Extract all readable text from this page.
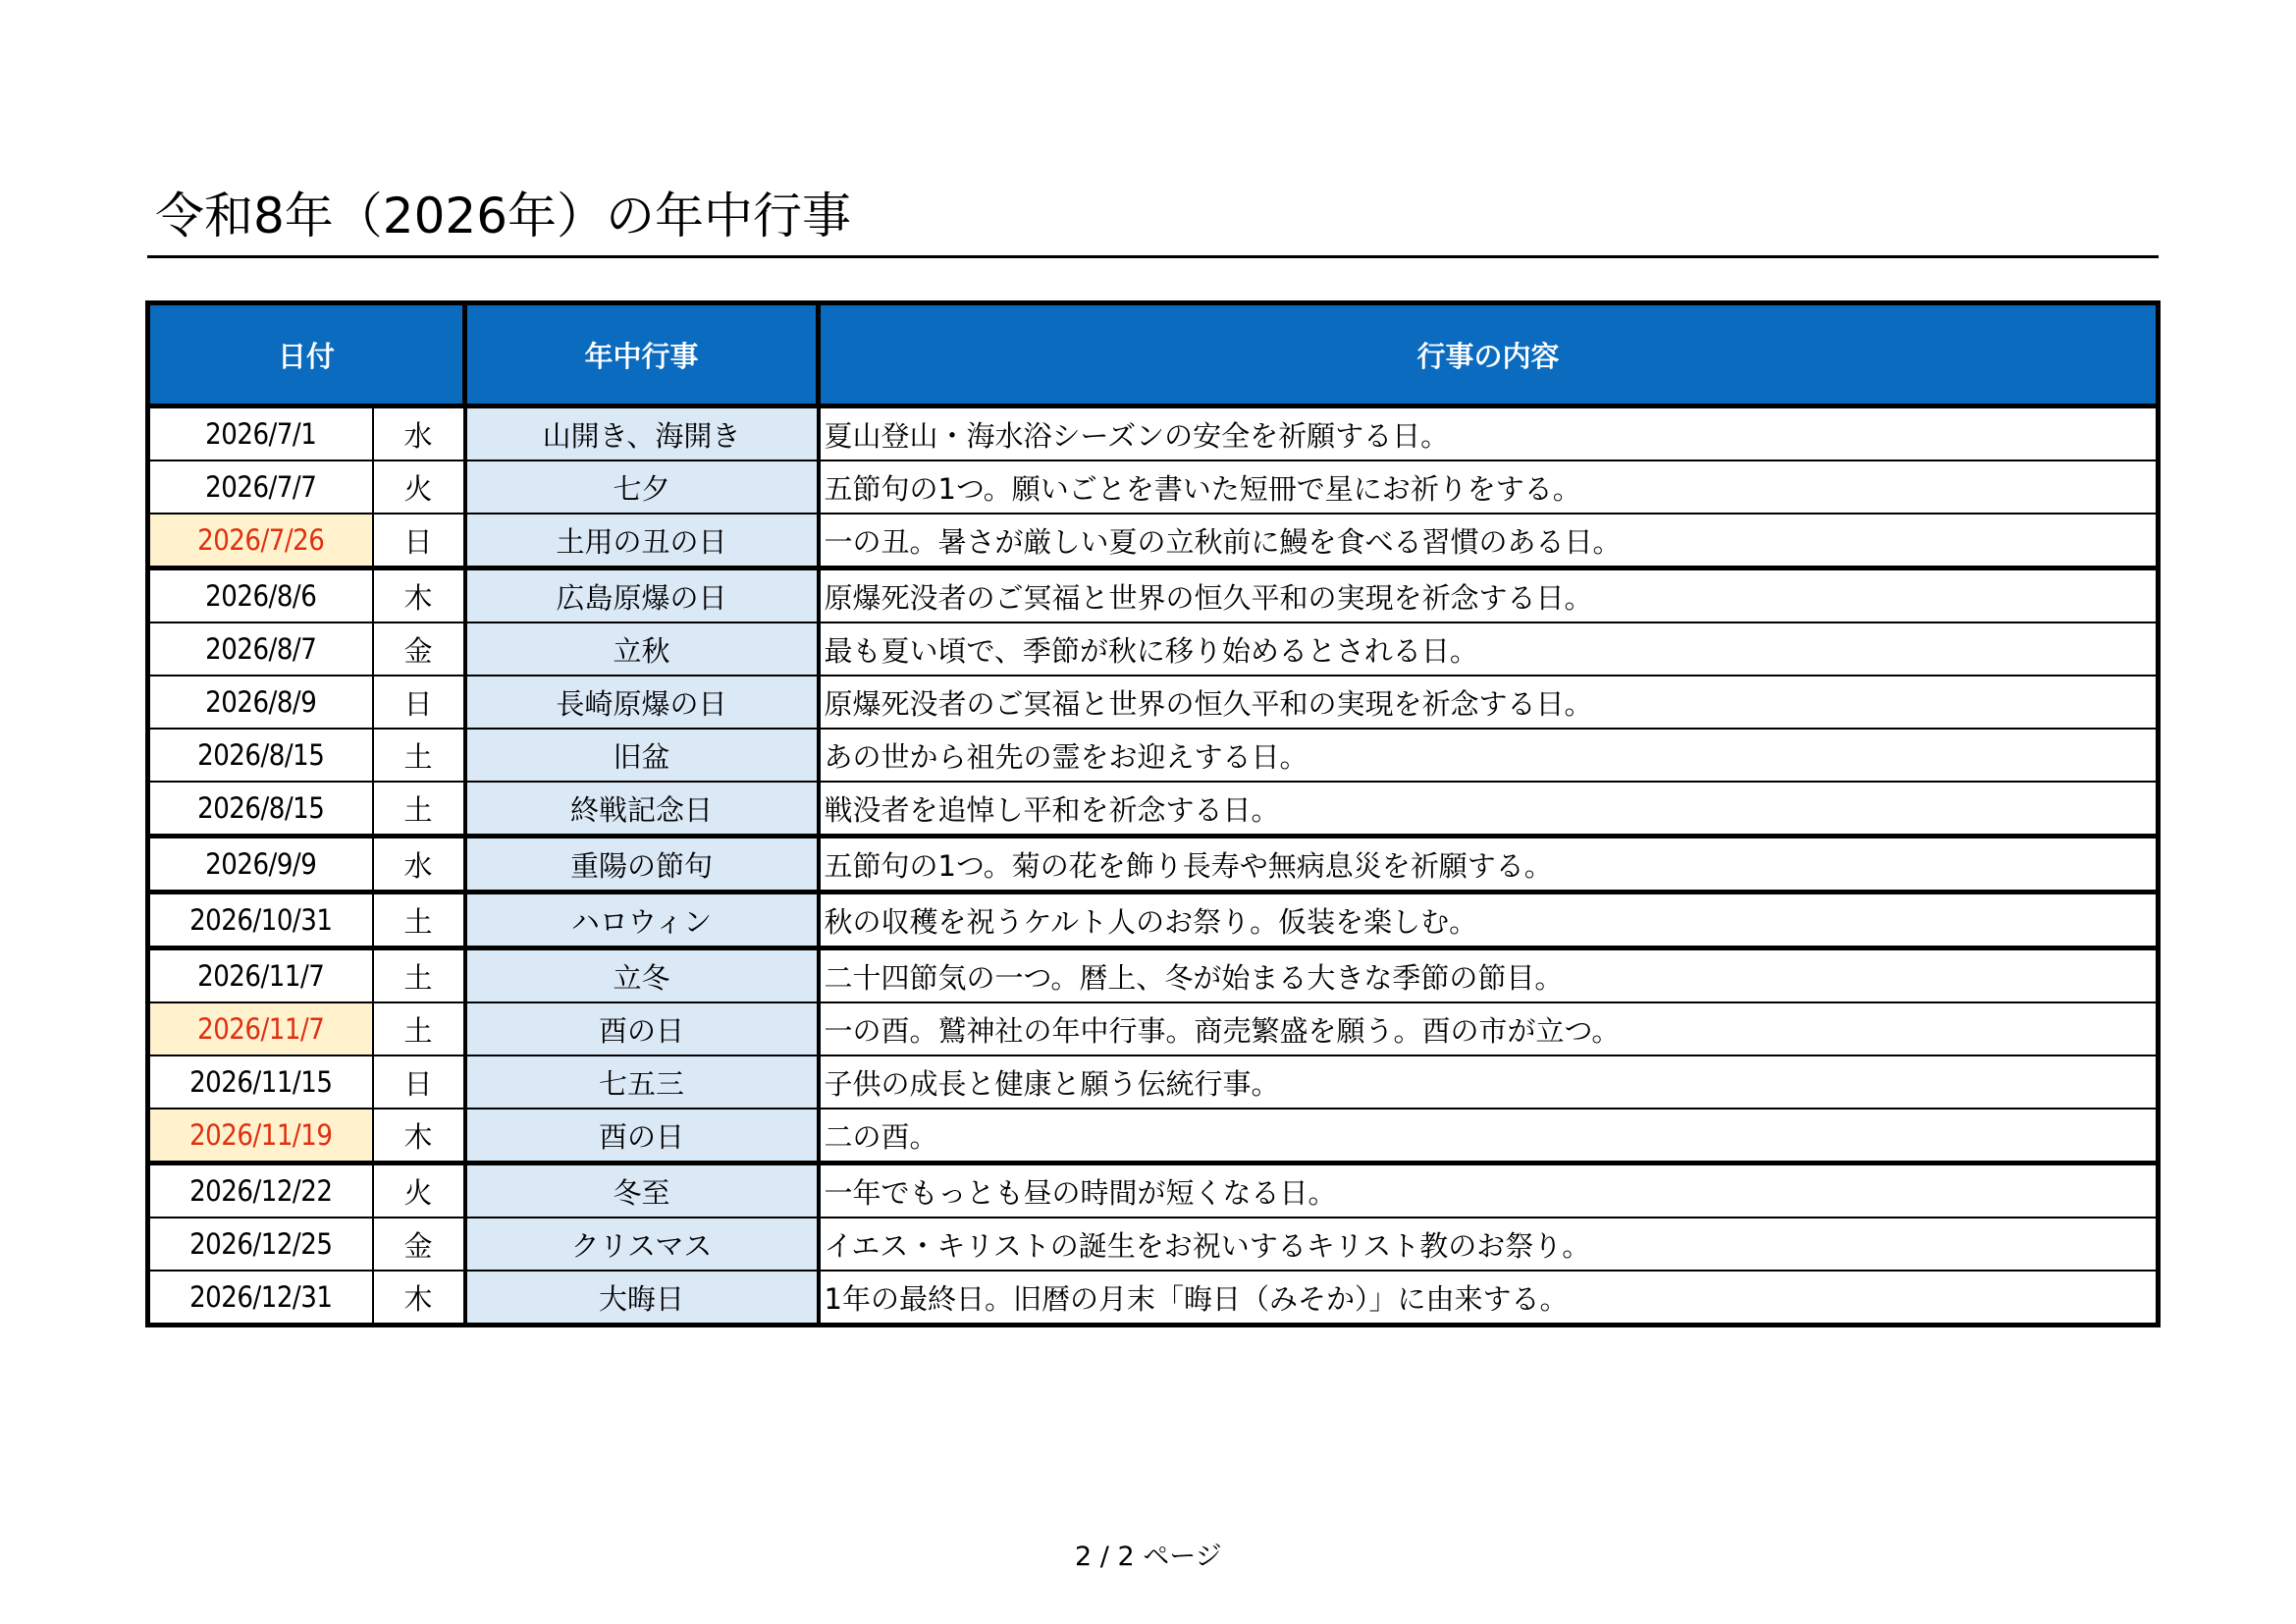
令和8年（2026年）の年中行事
日付		年中行事	行事の内容
2026/7/1	水	山開き、海開き	夏山登山・海水浴シーズンの安全を祈願する日。
2026/7/7	火	七夕	五節句の1つ。願いごとを書いた短冊で星にお祈りをする。
2026/7/26	日	土用の丑の日	一の丑。暑さが厳しい夏の立秋前に鰻を食べる習慣のある日。
2026/8/6	木	広島原爆の日	原爆死没者のご冥福と世界の恒久平和の実現を祈念する日。
2026/8/7	金	立秋	最も夏い頃で、季節が秋に移り始めるとされる日。
2026/8/9	日	長崎原爆の日	原爆死没者のご冥福と世界の恒久平和の実現を祈念する日。
2026/8/15	土	旧盆	あの世から祖先の霊をお迎えする日。
2026/8/15	土	終戦記念日	戦没者を追悼し平和を祈念する日。
2026/9/9	水	重陽の節句	五節句の1つ。菊の花を飾り長寿や無病息災を祈願する。
2026/10/31	土	ハロウィン	秋の収穫を祝うケルト人のお祭り。仮装を楽しむ。
2026/11/7	土	立冬	二十四節気の一つ。暦上、冬が始まる大きな季節の節目。
2026/11/7	土	酉の日	一の酉。鷲神社の年中行事。商売繁盛を願う。酉の市が立つ。
2026/11/15	日	七五三	子供の成長と健康と願う伝統行事。
2026/11/19	木	酉の日	二の酉。
2026/12/22	火	冬至	一年でもっとも昼の時間が短くなる日。
2026/12/25	金	クリスマス	イエス・キリストの誕生をお祝いするキリスト教のお祭り。
2026/12/31	木	大晦日	1年の最終日。旧暦の月末「晦日（みそか）」に由来する。
2 / 2 ページ
